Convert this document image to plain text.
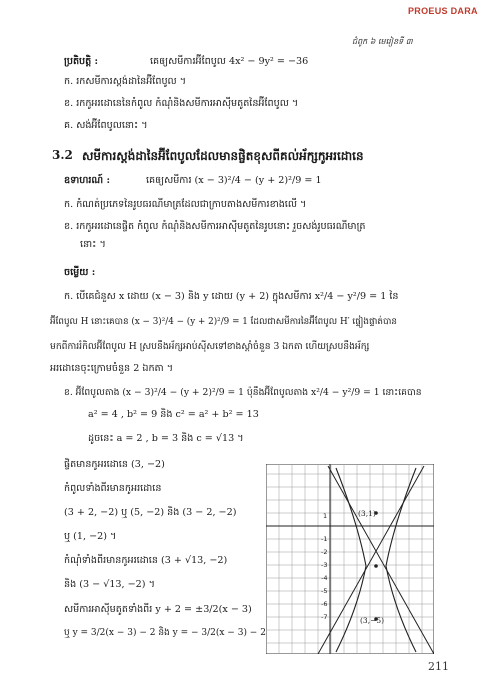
PROEUS DARA
ជំពូក ៦ មេរៀនទី ៣
ប្រតិបត្តិ :	គេឲ្យសមីការអ៊ីពែបូល 4x² − 9y² = −36
ក. រកសមីការស្តង់ដានៃអ៊ីពែបូល ។
ខ. រកកូអរដោនេនៃកំពូល កំណុំនិងសមីការអាស៊ីមតូតនៃអ៊ីពែបូល ។
គ. សង់អ៊ីពែបូលនោះ ។
3.2 សមីការស្តង់ដានៃអ៊ីពែបូលដែលមានផ្ចិតខុសពីគល់អ័ក្សកូអរដោនេ
ឧទាហរណ៍ :	គេឲ្យសមីការ (x − 3)²/4 − (y + 2)²/9 = 1
ក. កំណត់ប្រភេទនៃរូបធរណីមាត្រដែលជាក្រាបតាងសមីការខាងលើ ។
ខ. រកកូអរដោនេផ្ចិត កំពូល កំណុំនិងសមីការអាស៊ីមតូតនៃរូបនោះ រួចសង់រូបធរណីមាត្រ
នោះ ។
ចម្លើយ :
ក. បើគេជំនួស x ដោយ (x − 3) និង y ដោយ (y + 2) ក្នុងសមីការ x²/4 − y²/9 = 1 នៃ
អ៊ីពែបូល H នោះគេបាន (x − 3)²/4 − (y + 2)²/9 = 1 ដែលជាសមីការនៃអ៊ីពែបូល H′ ផ្ទៀងផ្ទាត់បាន
មកពីការរំកិលអ៊ីពែបូល H ស្របនឹងអ័ក្សអាប់ស៊ីសទៅខាងស្តាំចំនួន 3 ឯកតា ហើយស្របនឹងអ័ក្ស
អរដោនេចុះក្រោមចំនួន 2 ឯកតា ។
ខ. អ៊ីពែបូលតាង (x − 3)²/4 − (y + 2)²/9 = 1 ប៉ុនឹងអ៊ីពែបូលតាង x²/4 − y²/9 = 1 នោះគេបាន
a² = 4 , b² = 9 និង c² = a² + b² = 13
ដូចនេះ a = 2 , b = 3 និង c = √13 ។
ផ្ចិតមានកូអរដោនេ (3, −2)
កំពូលទាំងពីរមានកូអរដោនេ
(3 + 2, −2) ឬ (5, −2) និង (3 − 2, −2)
ឬ (1, −2) ។
កំណុំទាំងពីរមានកូអរដោនេ (3 + √13, −2)
និង (3 − √13, −2) ។
សមីការអាស៊ីមតូតទាំងពីរ y + 2 = ±3/2(x − 3)
ឬ y = 3/2(x − 3) − 2 និង y = − 3/2(x − 3) − 2
(3,1)
(3,−5)
1
-1
-2
-3
-4
-5
-6
-7
211
